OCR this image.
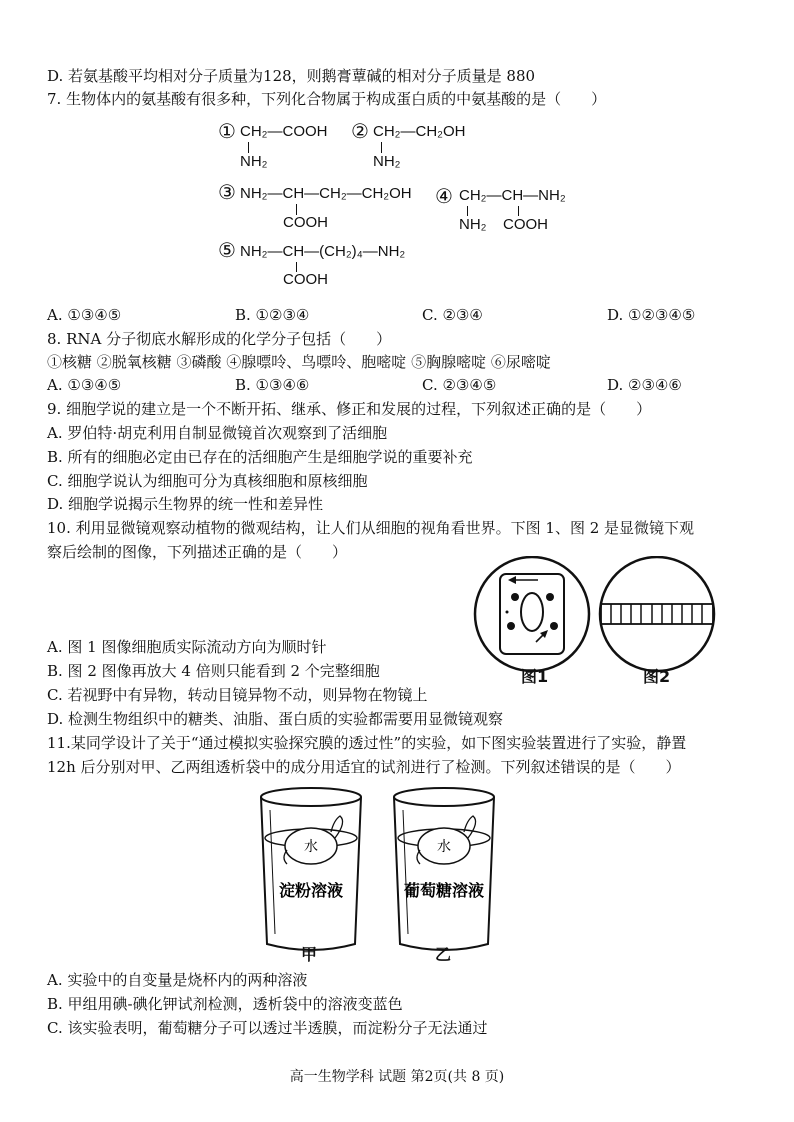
D. 若氨基酸平均相对分子质量为128，则鹅膏蕈碱的相对分子质量是 880
7. 生物体内的氨基酸有很多种，下列化合物属于构成蛋白质的中氨基酸的是（　　）
① CH₂—COOH
NH₂
② CH₂—CH₂OH
NH₂
③ NH₂—CH—CH₂—CH₂OH
COOH
④ CH₂—CH—NH₂
NH₂ COOH
⑤ NH₂—CH—(CH₂)₄—NH₂
COOH
A. ①③④⑤	B. ①②③④	C. ②③④	D. ①②③④⑤
8. RNA 分子彻底水解形成的化学分子包括（　　）
①核糖 ②脱氧核糖 ③磷酸 ④腺嘌呤、鸟嘌呤、胞嘧啶 ⑤胸腺嘧啶 ⑥尿嘧啶
A. ①③④⑤	B. ①③④⑥	C. ②③④⑤	D. ②③④⑥
9. 细胞学说的建立是一个不断开拓、继承、修正和发展的过程，下列叙述正确的是（　　）
A. 罗伯特·胡克利用自制显微镜首次观察到了活细胞
B. 所有的细胞必定由已存在的活细胞产生是细胞学说的重要补充
C. 细胞学说认为细胞可分为真核细胞和原核细胞
D. 细胞学说揭示生物界的统一性和差异性
10. 利用显微镜观察动植物的微观结构，让人们从细胞的视角看世界。下图 1、图 2 是显微镜下观
察后绘制的图像，下列描述正确的是（　　）
图1	图2
A. 图 1 图像细胞质实际流动方向为顺时针
B. 图 2 图像再放大 4 倍则只能看到 2 个完整细胞
C. 若视野中有异物，转动目镜异物不动，则异物在物镜上
D. 检测生物组织中的糖类、油脂、蛋白质的实验都需要用显微镜观察
11.某同学设计了关于“通过模拟实验探究膜的透过性”的实验，如下图实验装置进行了实验，静置
12h 后分别对甲、乙两组透析袋中的成分用适宜的试剂进行了检测。下列叙述错误的是（　　）
水	水
淀粉溶液	葡萄糖溶液
甲	乙
A. 实验中的自变量是烧杯内的两种溶液
B. 甲组用碘-碘化钾试剂检测，透析袋中的溶液变蓝色
C. 该实验表明，葡萄糖分子可以透过半透膜，而淀粉分子无法通过
高一生物学科 试题 第2页(共 8 页)
